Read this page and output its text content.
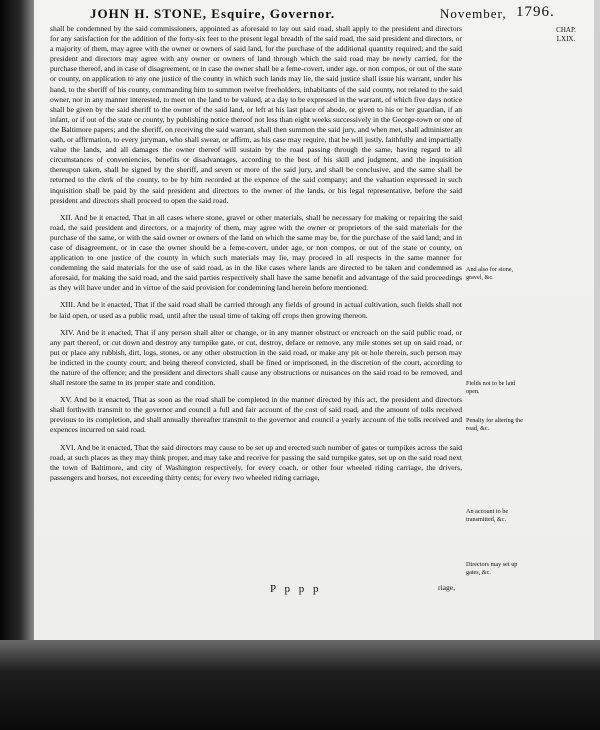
JOHN H. STONE, Esquire, Governor.	November, 1796.
CHAP.
LXIX.

shall be condemned by the said commissioners, appointed as aforesaid to lay out said road, shall apply to the president and directors for any satisfaction for the addition of the forty-six feet to the present legal breadth of the said road, the said president and directors, or a majority of them, may agree with the owner or owners of said land, for the purchase of the additional quantity required; and the said president and directors may agree with any owner or owners of land through which the said road may be newly carried, for the purchase thereof, and in case of disagreement, or in case the owner shall be a feme-covert, under age, or non compos, or out of the state or county, on application to any one justice of the county in which such lands may lie, the said justice shall issue his warrant, under his hand, to the sheriff of his county, commanding him to summon twelve freeholders, inhabitants of the said county, not related to the said owner, nor in any manner interested, to meet on the land to be valued, at a day to be expressed in the warrant, of which five days notice shall be given by the said sheriff to the owner of the said land, or left at his last place of abode, or given to his or her guardian, if an infant, or if out of the state or county, by publishing notice thereof not less than eight weeks successively in the George-town or one of the Baltimore papers; and the sheriff, on receiving the said warrant, shall then summon the said jury, and when met, shall administer an oath, or affirmation, to every juryman, who shall swear, or affirm, as his case may require, that he will justly, faithfully and impartially value the lands, and all damages the owner thereof will sustain by the road passing through the same, having regard to all circumstances of conveniencies, benefits or disadvantages, according to the best of his skill and judgment, and the inquisition thereupon taken, shall be signed by the sheriff, and seven or more of the said jury, and shall be conclusive, and the same shall be returned to the clerk of the county, to be by him recorded at the expence of the said company; and the valuation expressed in such inquisition shall be paid by the said president and directors to the owner of the lands, or his legal representative, before the said president and directors shall proceed to open the said road.

XII. And be it enacted, That in all cases where stone, gravel or other materials, shall be necessary for making or repairing the said road, the said president and directors, or a majority of them, may agree with the owner or proprietors of the said materials for the purchase of the same, or with the said owner or owners of the land on which the same may be, for the purchase of the said land; and in case of disagreement, or in case the owner should be a feme-covert, under age, or non compos, or out of the state or county, on application to one justice of the county in which such materials may lie, may proceed in all respects in the same manner for condemning the said materials for the use of said road, as in the like cases where lands are directed to be taken and condemned as aforesaid, for making the said road, and the said parties respectively shall have the same benefit and advantage of the said proceedings as they will have under and in virtue of the said provision for condemning land herein before mentioned.

XIII. And be it enacted, That if the said road shall be carried through any fields of ground in actual cultivation, such fields shall not be laid open, or used as a public road, until after the usual time of taking off crops then growing thereon.

XIV. And be it enacted, That if any person shall alter or change, or in any manner obstruct or encroach on the said public road, or any part thereof, or cut down and destroy any turnpike gate, or cut, destroy, deface or remove, any mile stones set up on said road, or put or place any rubbish, dirt, logs, stones, or any other obstruction in the said road, or make any pit or hole therein, such person may be indicted in the county court, and being thereof convicted, shall be fined or imprisoned, in the discretion of the court, according to the nature of the offence; and the president and directors shall cause any obstructions or nuisances on the said road to be removed, and shall restore the same to its proper state and condition.

XV. And be it enacted, That as soon as the road shall be completed in the manner directed by this act, the president and directors shall forthwith transmit to the governor and council a full and fair account of the cost of said road, and the amount of tolls received previous to its completion, and shall annually thereafter transmit to the governor and council a yearly account of the tolls received and expences incurred on said road.

XVI. And be it enacted, That the said directors may cause to be set up and erected such number of gates or turnpikes across the said road, at such places as they may think proper, and may take and receive for passing the said turnpike gates, set up on the said road next the town of Baltimore, and city of Washington respectively, for every coach, or other four wheeled riding carriage, the drivers, passengers and horses, not exceeding thirty cents; for every two wheeled riding carriage,

And also for stone, gravel, &c.
Fields not to be laid open.
Penalty for altering the road, &c.
An account to be transmitted, &c.
Directors may set up gates, &c.
P p p p	riage,
